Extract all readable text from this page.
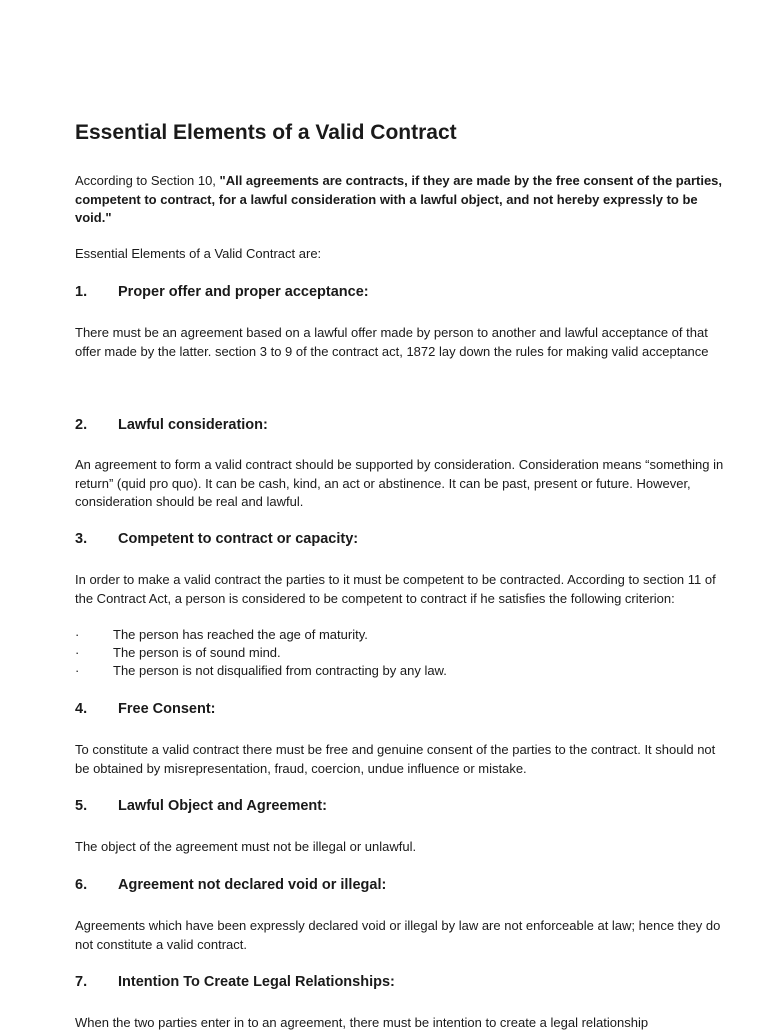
Essential Elements of a Valid Contract

According to Section 10, "All agreements are contracts, if they are made by the free consent of the parties, competent to contract, for a lawful consideration with a lawful object, and not hereby expressly to be void."

Essential Elements of a Valid Contract are:

1. Proper offer and proper acceptance:

There must be an agreement based on a lawful offer made by person to another and lawful acceptance of that offer made by the latter. section 3 to 9 of the contract act, 1872 lay down the rules for making valid acceptance

2. Lawful consideration:

An agreement to form a valid contract should be supported by consideration. Consideration means “something in return” (quid pro quo). It can be cash, kind, an act or abstinence. It can be past, present or future. However, consideration should be real and lawful.

3. Competent to contract or capacity:

In order to make a valid contract the parties to it must be competent to be contracted. According to section 11 of the Contract Act, a person is considered to be competent to contract if he satisfies the following criterion:

·	The person has reached the age of maturity.
·	The person is of sound mind.
·	The person is not disqualified from contracting by any law.
4. Free Consent:

To constitute a valid contract there must be free and genuine consent of the parties to the contract. It should not be obtained by misrepresentation, fraud, coercion, undue influence or mistake.

5. Lawful Object and Agreement:

The object of the agreement must not be illegal or unlawful.

6. Agreement not declared void or illegal:

Agreements which have been expressly declared void or illegal by law are not enforceable at law; hence they do not constitute a valid contract.

7. Intention To Create Legal Relationships:

When the two parties enter in to an agreement, there must be intention to create a legal relationship
